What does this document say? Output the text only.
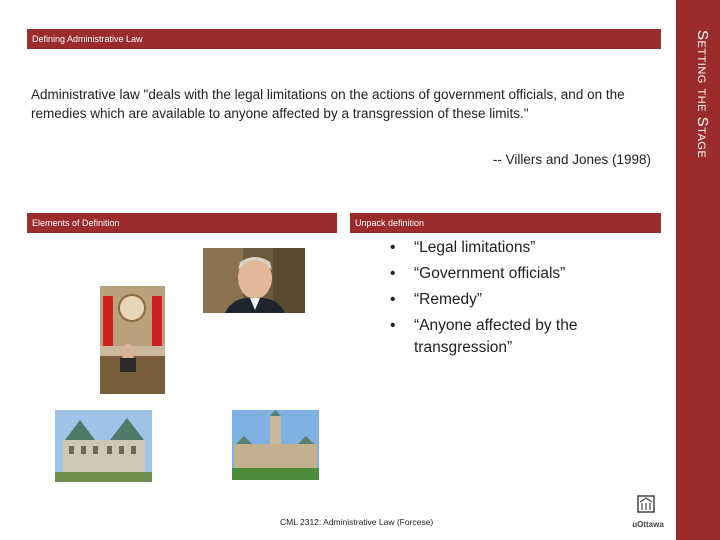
Setting the Stage
Defining Administrative Law
Administrative law "deals with the legal limitations on the actions of government officials, and on the remedies which are available to anyone affected by a transgression of these limits."
-- Villers and Jones (1998)
Elements of Definition	Unpack definition
• “Legal limitations”
• “Government officials”
• “Remedy”
• “Anyone affected by the transgression”
CML 2312: Administrative Law (Forcese)	uOttawa
